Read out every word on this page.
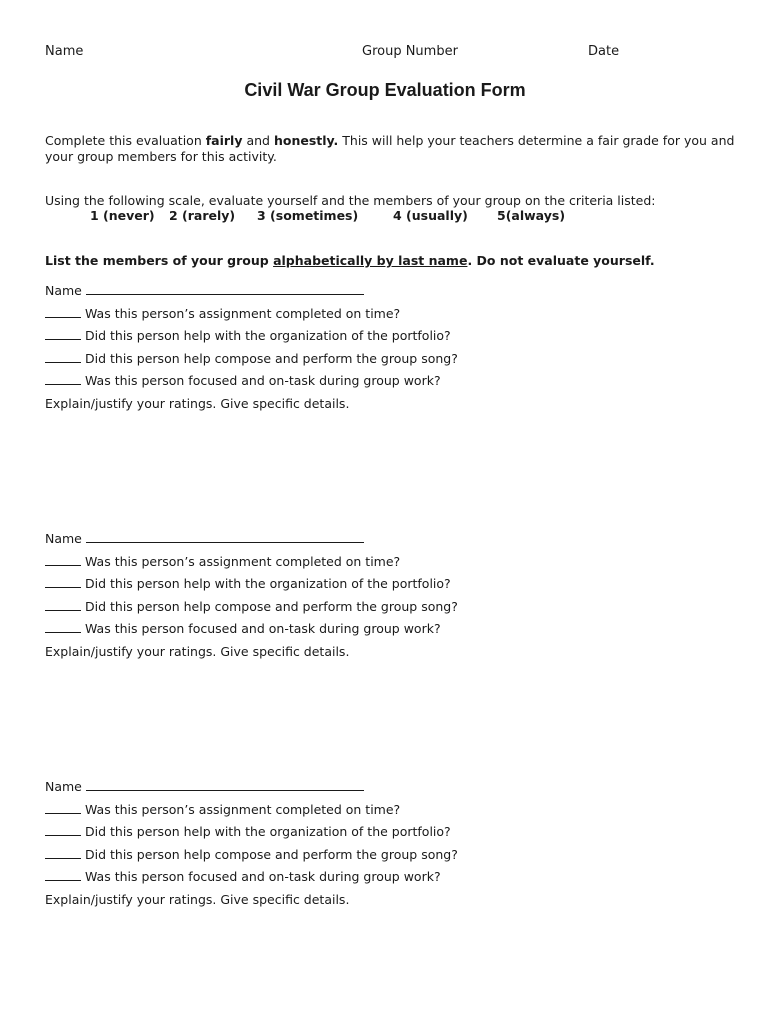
Name	Group Number	Date
Civil War Group Evaluation Form
Complete this evaluation fairly and honestly. This will help your teachers determine a fair grade for you and
your group members for this activity.
Using the following scale, evaluate yourself and the members of your group on the criteria listed:
1 (never) 2 (rarely) 3 (sometimes)	4 (usually) 5(always)
List the members of your group alphabetically by last name. Do not evaluate yourself.
Name
Was this person’s assignment completed on time?
Did this person help with the organization of the portfolio?
Did this person help compose and perform the group song?
Was this person focused and on-task during group work?
Explain/justify your ratings. Give specific details.
Name
Was this person’s assignment completed on time?
Did this person help with the organization of the portfolio?
Did this person help compose and perform the group song?
Was this person focused and on-task during group work?
Explain/justify your ratings. Give specific details.
Name
Was this person’s assignment completed on time?
Did this person help with the organization of the portfolio?
Did this person help compose and perform the group song?
Was this person focused and on-task during group work?
Explain/justify your ratings. Give specific details.
